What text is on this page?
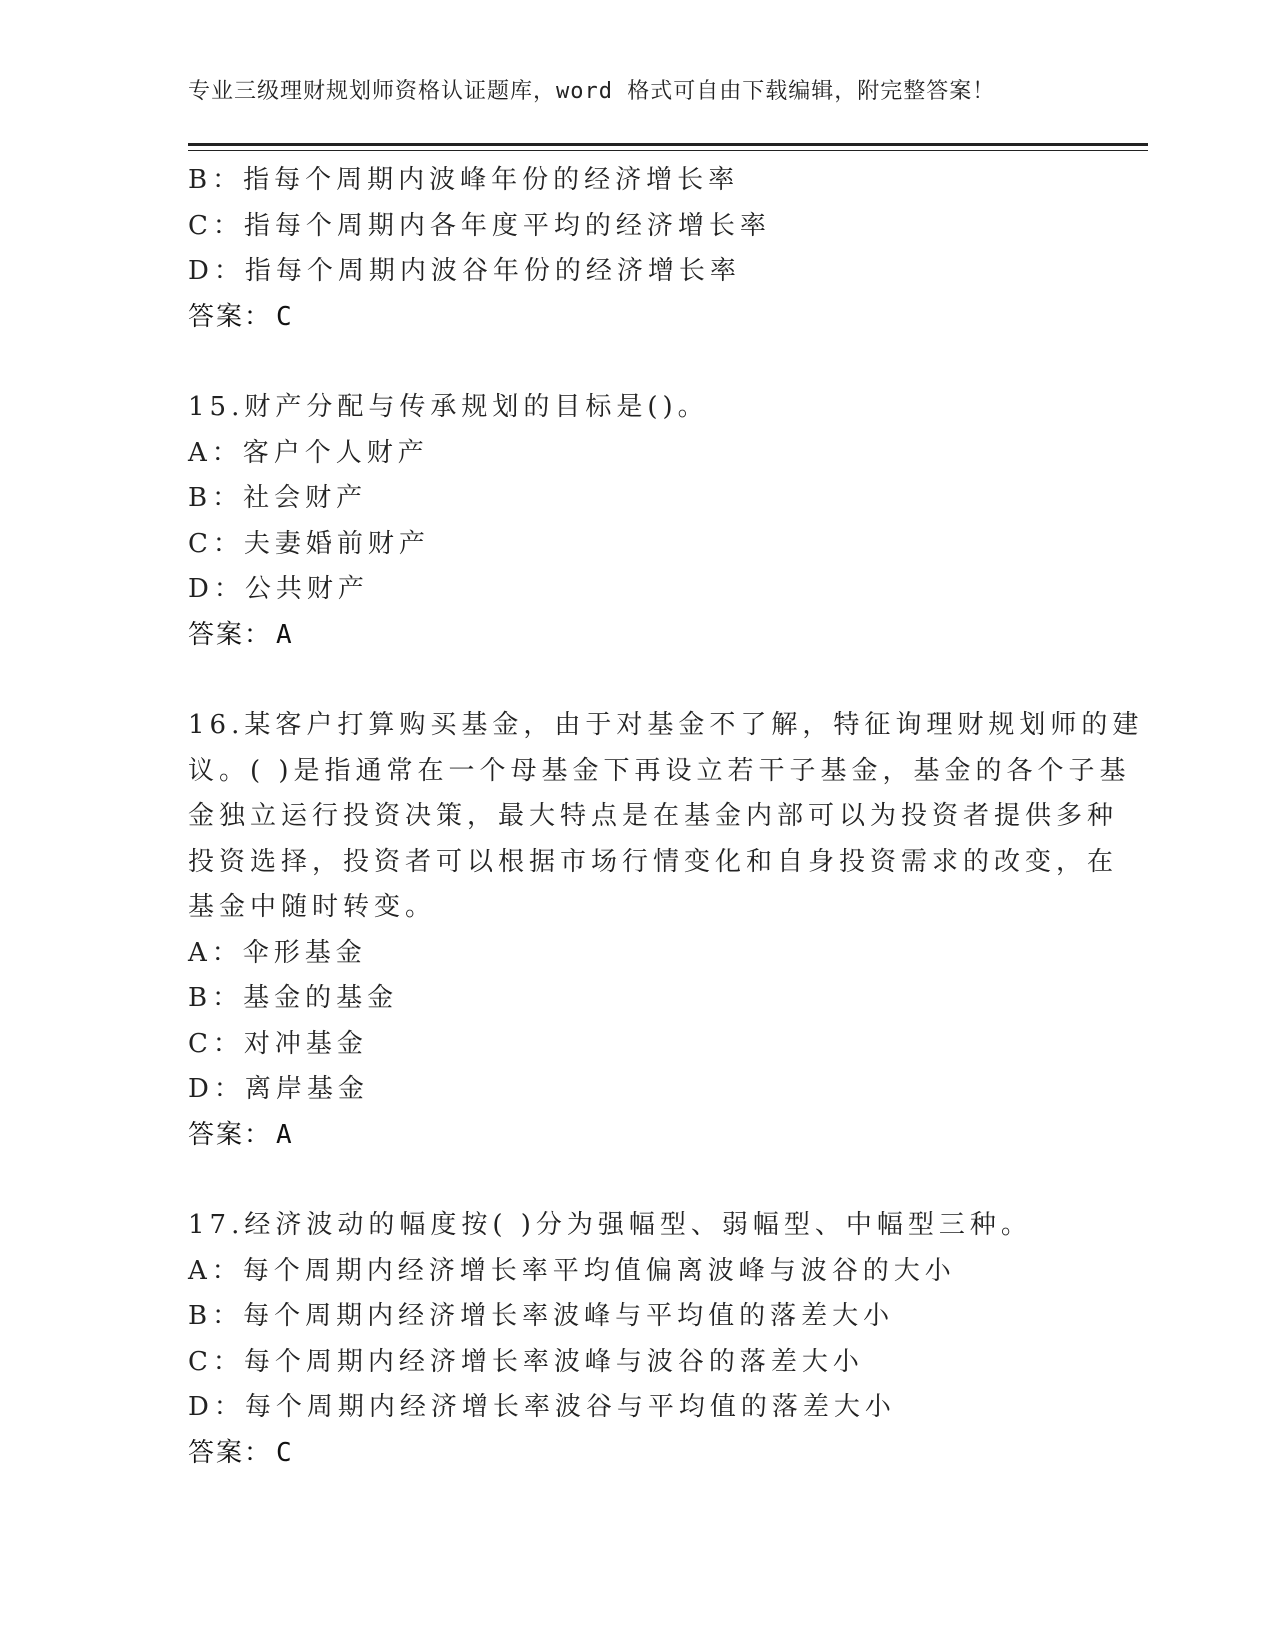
专业三级理财规划师资格认证题库，word 格式可自由下载编辑，附完整答案！
B：指每个周期内波峰年份的经济增长率
C：指每个周期内各年度平均的经济增长率
D：指每个周期内波谷年份的经济增长率
答案： C
15.财产分配与传承规划的目标是()。
A：客户个人财产
B：社会财产
C：夫妻婚前财产
D：公共财产
答案： A
16.某客户打算购买基金，由于对基金不了解，特征询理财规划师的建
议。( )是指通常在一个母基金下再设立若干子基金，基金的各个子基
金独立运行投资决策，最大特点是在基金内部可以为投资者提供多种
投资选择，投资者可以根据市场行情变化和自身投资需求的改变，在
基金中随时转变。
A：伞形基金
B：基金的基金
C：对冲基金
D：离岸基金
答案： A
17.经济波动的幅度按( )分为强幅型、弱幅型、中幅型三种。
A：每个周期内经济增长率平均值偏离波峰与波谷的大小
B：每个周期内经济增长率波峰与平均值的落差大小
C：每个周期内经济增长率波峰与波谷的落差大小
D：每个周期内经济增长率波谷与平均值的落差大小
答案： C
